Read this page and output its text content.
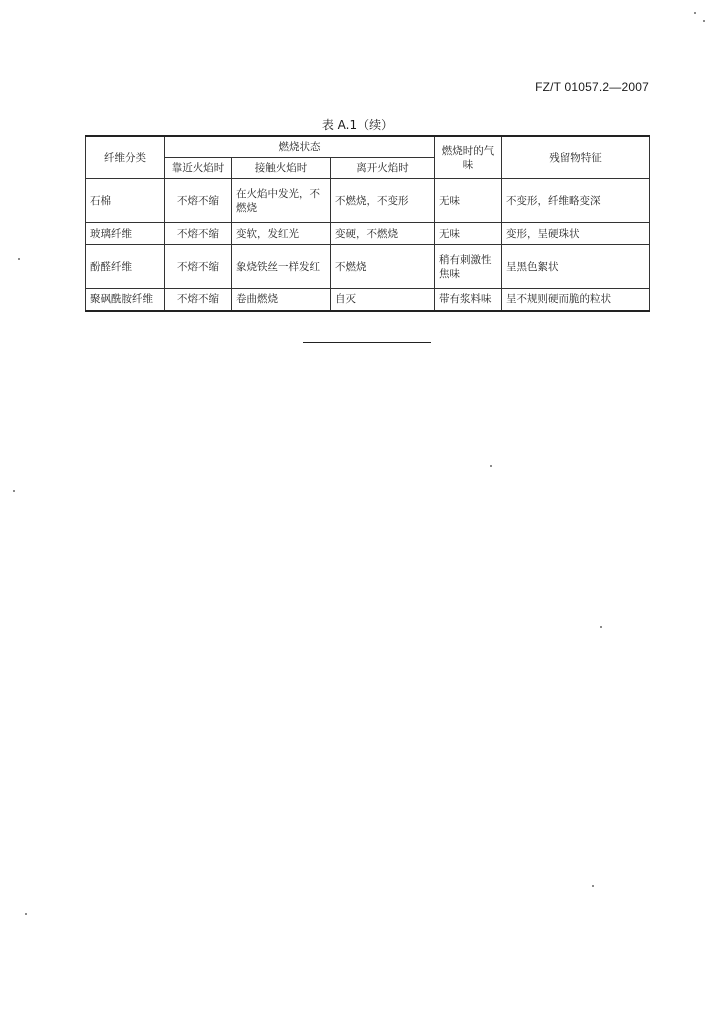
FZ/T 01057.2—2007
表 A.1（续）
纤维分类	燃烧状态			燃烧时的气味	残留物特征
	靠近火焰时	接触火焰时	离开火焰时		
石棉	不熔不缩	在火焰中发光，不燃烧	不燃烧，不变形	无味	不变形，纤维略变深
玻璃纤维	不熔不缩	变软，发红光	变硬，不燃烧	无味	变形，呈硬珠状
酚醛纤维	不熔不缩	象烧铁丝一样发红	不燃烧	稍有刺激性焦味	呈黑色絮状
聚砜酰胺纤维	不熔不缩	卷曲燃烧	自灭	带有浆料味	呈不规则硬而脆的粒状
